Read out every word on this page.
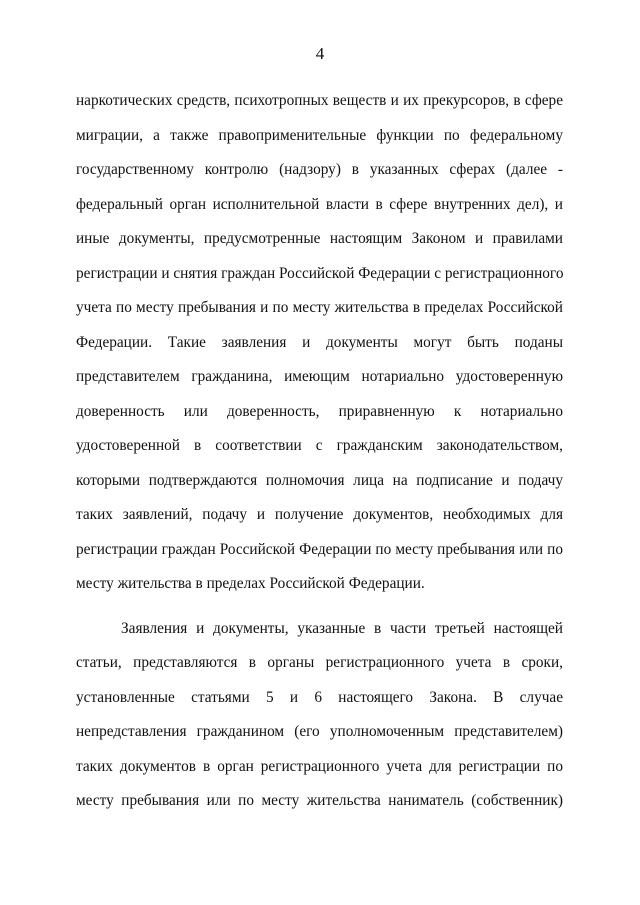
4
наркотических средств, психотропных веществ и их прекурсоров, в сфере
миграции, а также правоприменительные функции по федеральному
государственному контролю (надзору) в указанных сферах (далее -
федеральный орган исполнительной власти в сфере внутренних дел), и
иные документы, предусмотренные настоящим Законом и правилами
регистрации и снятия граждан Российской Федерации с регистрационного
учета по месту пребывания и по месту жительства в пределах Российской
Федерации. Такие заявления и документы могут быть поданы
представителем гражданина, имеющим нотариально удостоверенную
доверенность или доверенность, приравненную к нотариально
удостоверенной в соответствии с гражданским законодательством,
которыми подтверждаются полномочия лица на подписание и подачу
таких заявлений, подачу и получение документов, необходимых для
регистрации граждан Российской Федерации по месту пребывания или по
месту жительства в пределах Российской Федерации.
Заявления и документы, указанные в части третьей настоящей
статьи, представляются в органы регистрационного учета в сроки,
установленные статьями 5 и 6 настоящего Закона. В случае
непредставления гражданином (его уполномоченным представителем)
таких документов в орган регистрационного учета для регистрации по
месту пребывания или по месту жительства наниматель (собственник)
